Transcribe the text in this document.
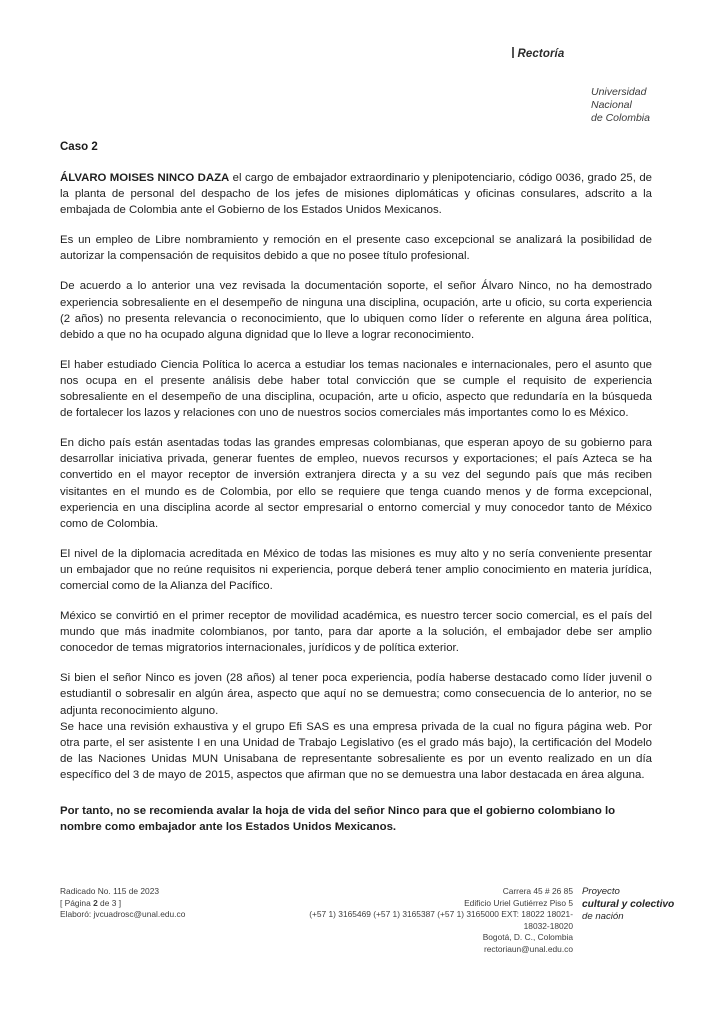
Rectoría
Universidad
Nacional
de Colombia
Caso 2

ÁLVARO MOISES NINCO DAZA el cargo de embajador extraordinario y plenipotenciario, código 0036, grado 25, de la planta de personal del despacho de los jefes de misiones diplomáticas y oficinas consulares, adscrito a la embajada de Colombia ante el Gobierno de los Estados Unidos Mexicanos.

Es un empleo de Libre nombramiento y remoción en el presente caso excepcional se analizará la posibilidad de autorizar la compensación de requisitos debido a que no posee título profesional.

De acuerdo a lo anterior una vez revisada la documentación soporte, el señor Álvaro Ninco, no ha demostrado experiencia sobresaliente en el desempeño de ninguna una disciplina, ocupación, arte u oficio, su corta experiencia (2 años) no presenta relevancia o reconocimiento, que lo ubiquen como líder o referente en alguna área política, debido a que no ha ocupado alguna dignidad que lo lleve a lograr reconocimiento.

El haber estudiado Ciencia Política lo acerca a estudiar los temas nacionales e internacionales, pero el asunto que nos ocupa en el presente análisis debe haber total convicción que se cumple el requisito de experiencia sobresaliente en el desempeño de una disciplina, ocupación, arte u oficio, aspecto que redundaría en la búsqueda de fortalecer los lazos y relaciones con uno de nuestros socios comerciales más importantes como lo es México.

En dicho país están asentadas todas las grandes empresas colombianas, que esperan apoyo de su gobierno para desarrollar iniciativa privada, generar fuentes de empleo, nuevos recursos y exportaciones; el país Azteca se ha convertido en el mayor receptor de inversión extranjera directa y a su vez del segundo país que más reciben visitantes en el mundo es de Colombia, por ello se requiere que tenga cuando menos y de forma excepcional, experiencia en una disciplina acorde al sector empresarial o entorno comercial y muy conocedor tanto de México como de Colombia.

El nivel de la diplomacia acreditada en México de todas las misiones es muy alto y no sería conveniente presentar un embajador que no reúne requisitos ni experiencia, porque deberá tener amplio conocimiento en materia jurídica, comercial como de la Alianza del Pacífico.

México se convirtió en el primer receptor de movilidad académica, es nuestro tercer socio comercial, es el país del mundo que más inadmite colombianos, por tanto, para dar aporte a la solución, el embajador debe ser amplio conocedor de temas migratorios internacionales, jurídicos y de política exterior.

Si bien el señor Ninco es joven (28 años) al tener poca experiencia, podía haberse destacado como líder juvenil o estudiantil o sobresalir en algún área, aspecto que aquí no se demuestra; como consecuencia de lo anterior, no se adjunta reconocimiento alguno.

Se hace una revisión exhaustiva y el grupo Efi SAS es una empresa privada de la cual no figura página web. Por otra parte, el ser asistente I en una Unidad de Trabajo Legislativo (es el grado más bajo), la certificación del Modelo de las Naciones Unidas MUN Unisabana de representante sobresaliente es por un evento realizado en un día específico del 3 de mayo de 2015, aspectos que afirman que no se demuestra una labor destacada en área alguna.

Por tanto, no se recomienda avalar la hoja de vida del señor Ninco para que el gobierno colombiano lo nombre como embajador ante los Estados Unidos Mexicanos.

Radicado No. 115 de 2023
[ Página 2 de 3 ]
Elaboró: jvcuadrosc@unal.edu.co
Carrera 45 # 26 85
Edificio Uriel Gutiérrez Piso 5
(+57 1) 3165469 (+57 1) 3165387 (+57 1) 3165000 EXT: 18022 18021-
18032-18020
Bogotá, D. C., Colombia
rectoriaun@unal.edu.co
Proyecto
cultural y colectivo
de nación
